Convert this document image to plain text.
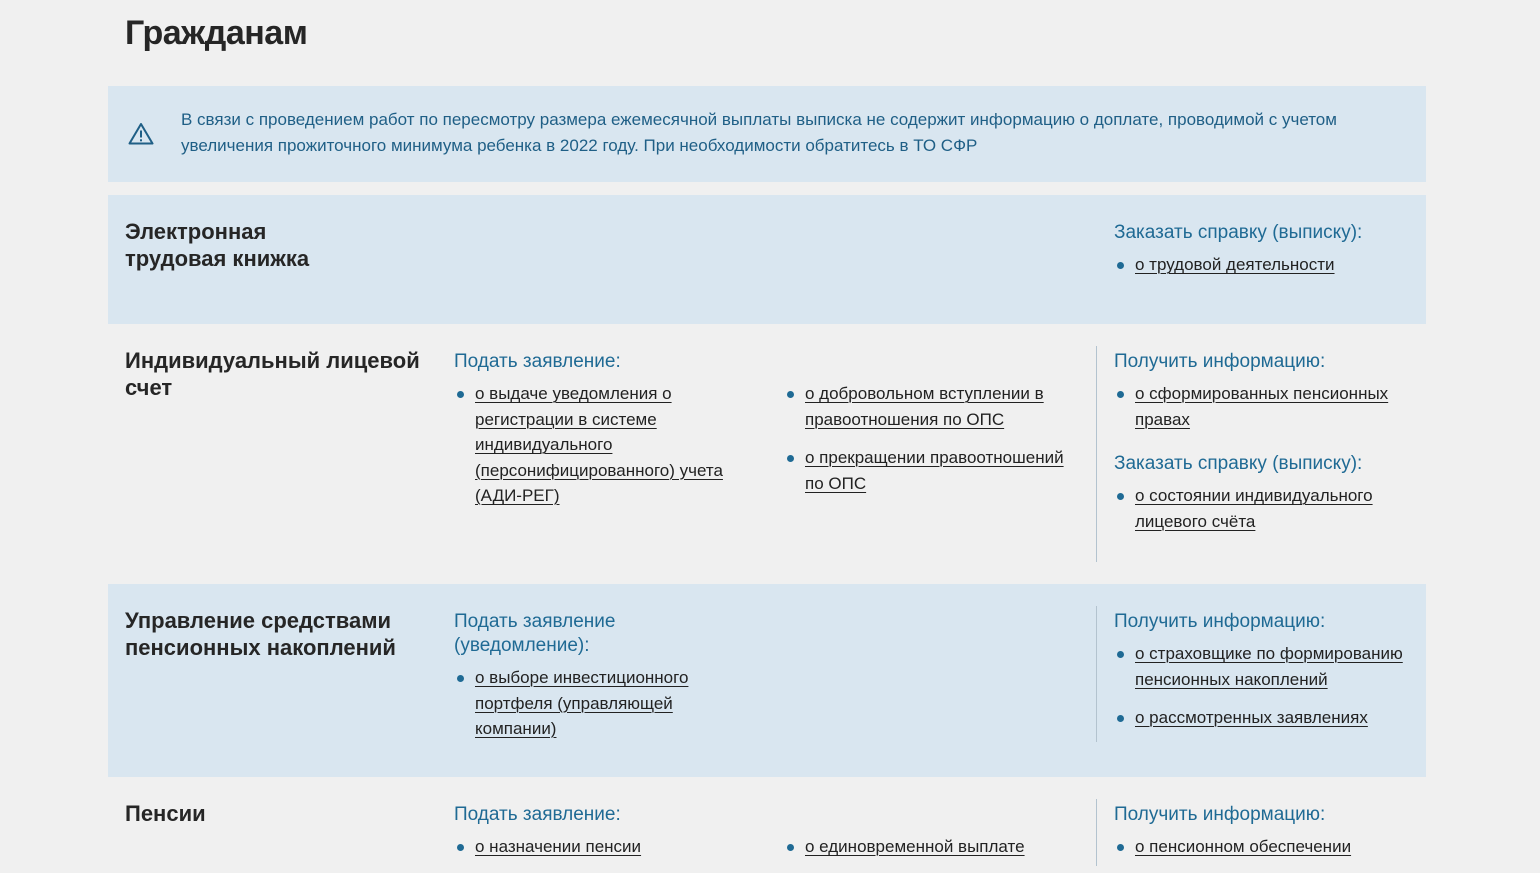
Гражданам
В связи с проведением работ по пересмотру размера ежемесячной выплаты выписка не содержит информацию о доплате, проводимой с учетом увеличения прожиточного минимума ребенка в 2022 году. При необходимости обратитесь в ТО СФР
Электронная трудовая книжка

Заказать справку (выписку):

о трудовой деятельности
Индивидуальный лицевой счет

Подать заявление:

о выдаче уведомления о регистрации в системе индивидуального (персонифицированного) учета (АДИ-РЕГ)
о добровольном вступлении в правоотношения по ОПС
о прекращении правоотношений по ОПС

Получить информацию:

о сформированных пенсионных правах

Заказать справку (выписку):

о состоянии индивидуального лицевого счёта
Управление средствами пенсионных накоплений

Подать заявление (уведомление):

о выборе инвестиционного портфеля (управляющей компании)

Получить информацию:

о страховщике по формированию пенсионных накоплений
о рассмотренных заявлениях
Пенсии	Подать заявление:

о назначении пенсии	о единовременной выплате

Получить информацию:

о пенсионном обеспечении
